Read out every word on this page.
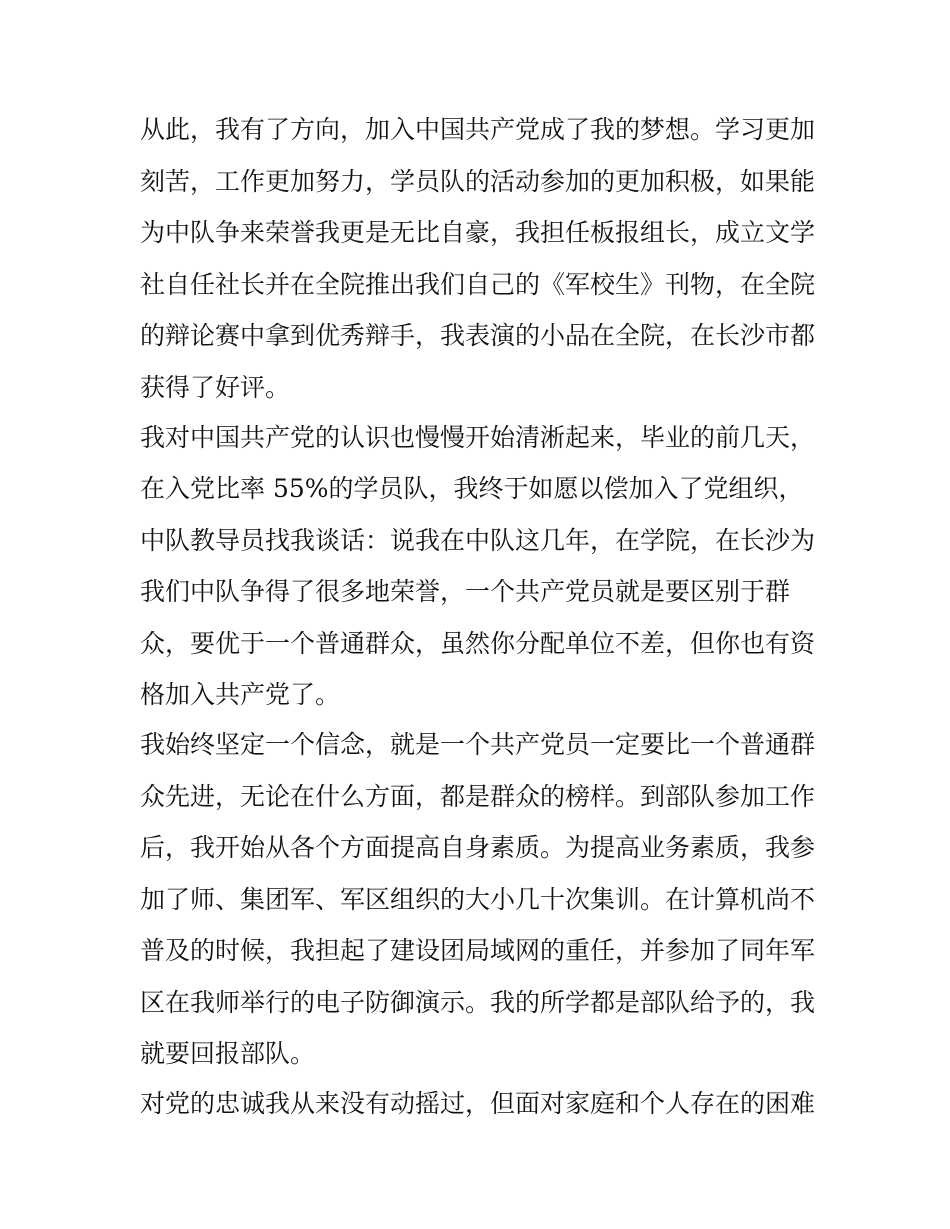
从此，我有了方向，加入中国共产党成了我的梦想。学习更加
刻苦，工作更加努力，学员队的活动参加的更加积极，如果能
为中队争来荣誉我更是无比自豪，我担任板报组长，成立文学
社自任社长并在全院推出我们自己的《军校生》刊物，在全院
的辩论赛中拿到优秀辩手，我表演的小品在全院，在长沙市都
获得了好评。
我对中国共产党的认识也慢慢开始清淅起来，毕业的前几天，
在入党比率 55%的学员队，我终于如愿以偿加入了党组织，
中队教导员找我谈话：说我在中队这几年，在学院，在长沙为
我们中队争得了很多地荣誉，一个共产党员就是要区别于群
众，要优于一个普通群众，虽然你分配单位不差，但你也有资
格加入共产党了。
我始终坚定一个信念，就是一个共产党员一定要比一个普通群
众先进，无论在什么方面，都是群众的榜样。到部队参加工作
后，我开始从各个方面提高自身素质。为提高业务素质，我参
加了师、集团军、军区组织的大小几十次集训。在计算机尚不
普及的时候，我担起了建设团局域网的重任，并参加了同年军
区在我师举行的电子防御演示。我的所学都是部队给予的，我
就要回报部队。
对党的忠诚我从来没有动摇过，但面对家庭和个人存在的困难
